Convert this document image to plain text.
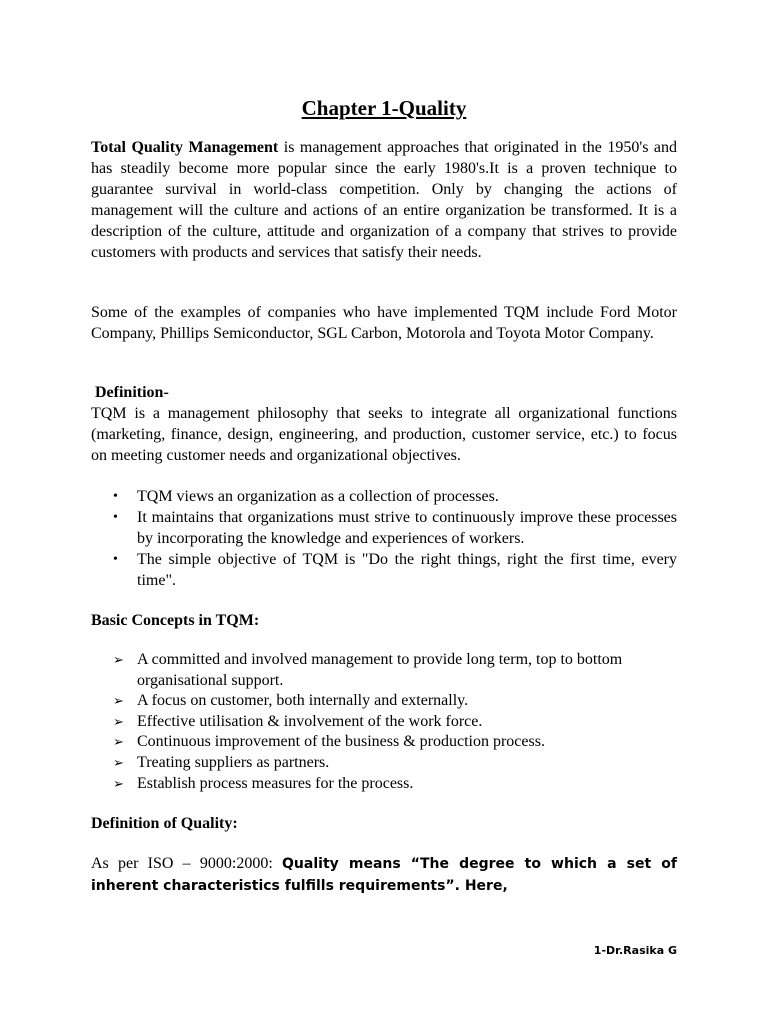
Chapter 1-Quality

Total Quality Management is management approaches that originated in the 1950's and has steadily become more popular since the early 1980's.It is a proven technique to guarantee survival in world-class competition. Only by changing the actions of management will the culture and actions of an entire organization be transformed. It is a description of the culture, attitude and organization of a company that strives to provide customers with products and services that satisfy their needs.

Some of the examples of companies who have implemented TQM include Ford Motor Company, Phillips Semiconductor, SGL Carbon, Motorola and Toyota Motor Company.

Definition-

TQM is a management philosophy that seeks to integrate all organizational functions (marketing, finance, design, engineering, and production, customer service, etc.) to focus on meeting customer needs and organizational objectives.

• TQM views an organization as a collection of processes.
• It maintains that organizations must strive to continuously improve these processes by incorporating the knowledge and experiences of workers.
• The simple objective of TQM is "Do the right things, right the first time, every time".

Basic Concepts in TQM:

➢ A committed and involved management to provide long term, top to bottom organisational support.
➢ A focus on customer, both internally and externally.
➢ Effective utilisation & involvement of the work force.
➢ Continuous improvement of the business & production process.
➢ Treating suppliers as partners.
➢ Establish process measures for the process.

Definition of Quality:

As per ISO – 9000:2000: Quality means “The degree to which a set of inherent characteristics fulfills requirements”. Here,

1-Dr.Rasika G
